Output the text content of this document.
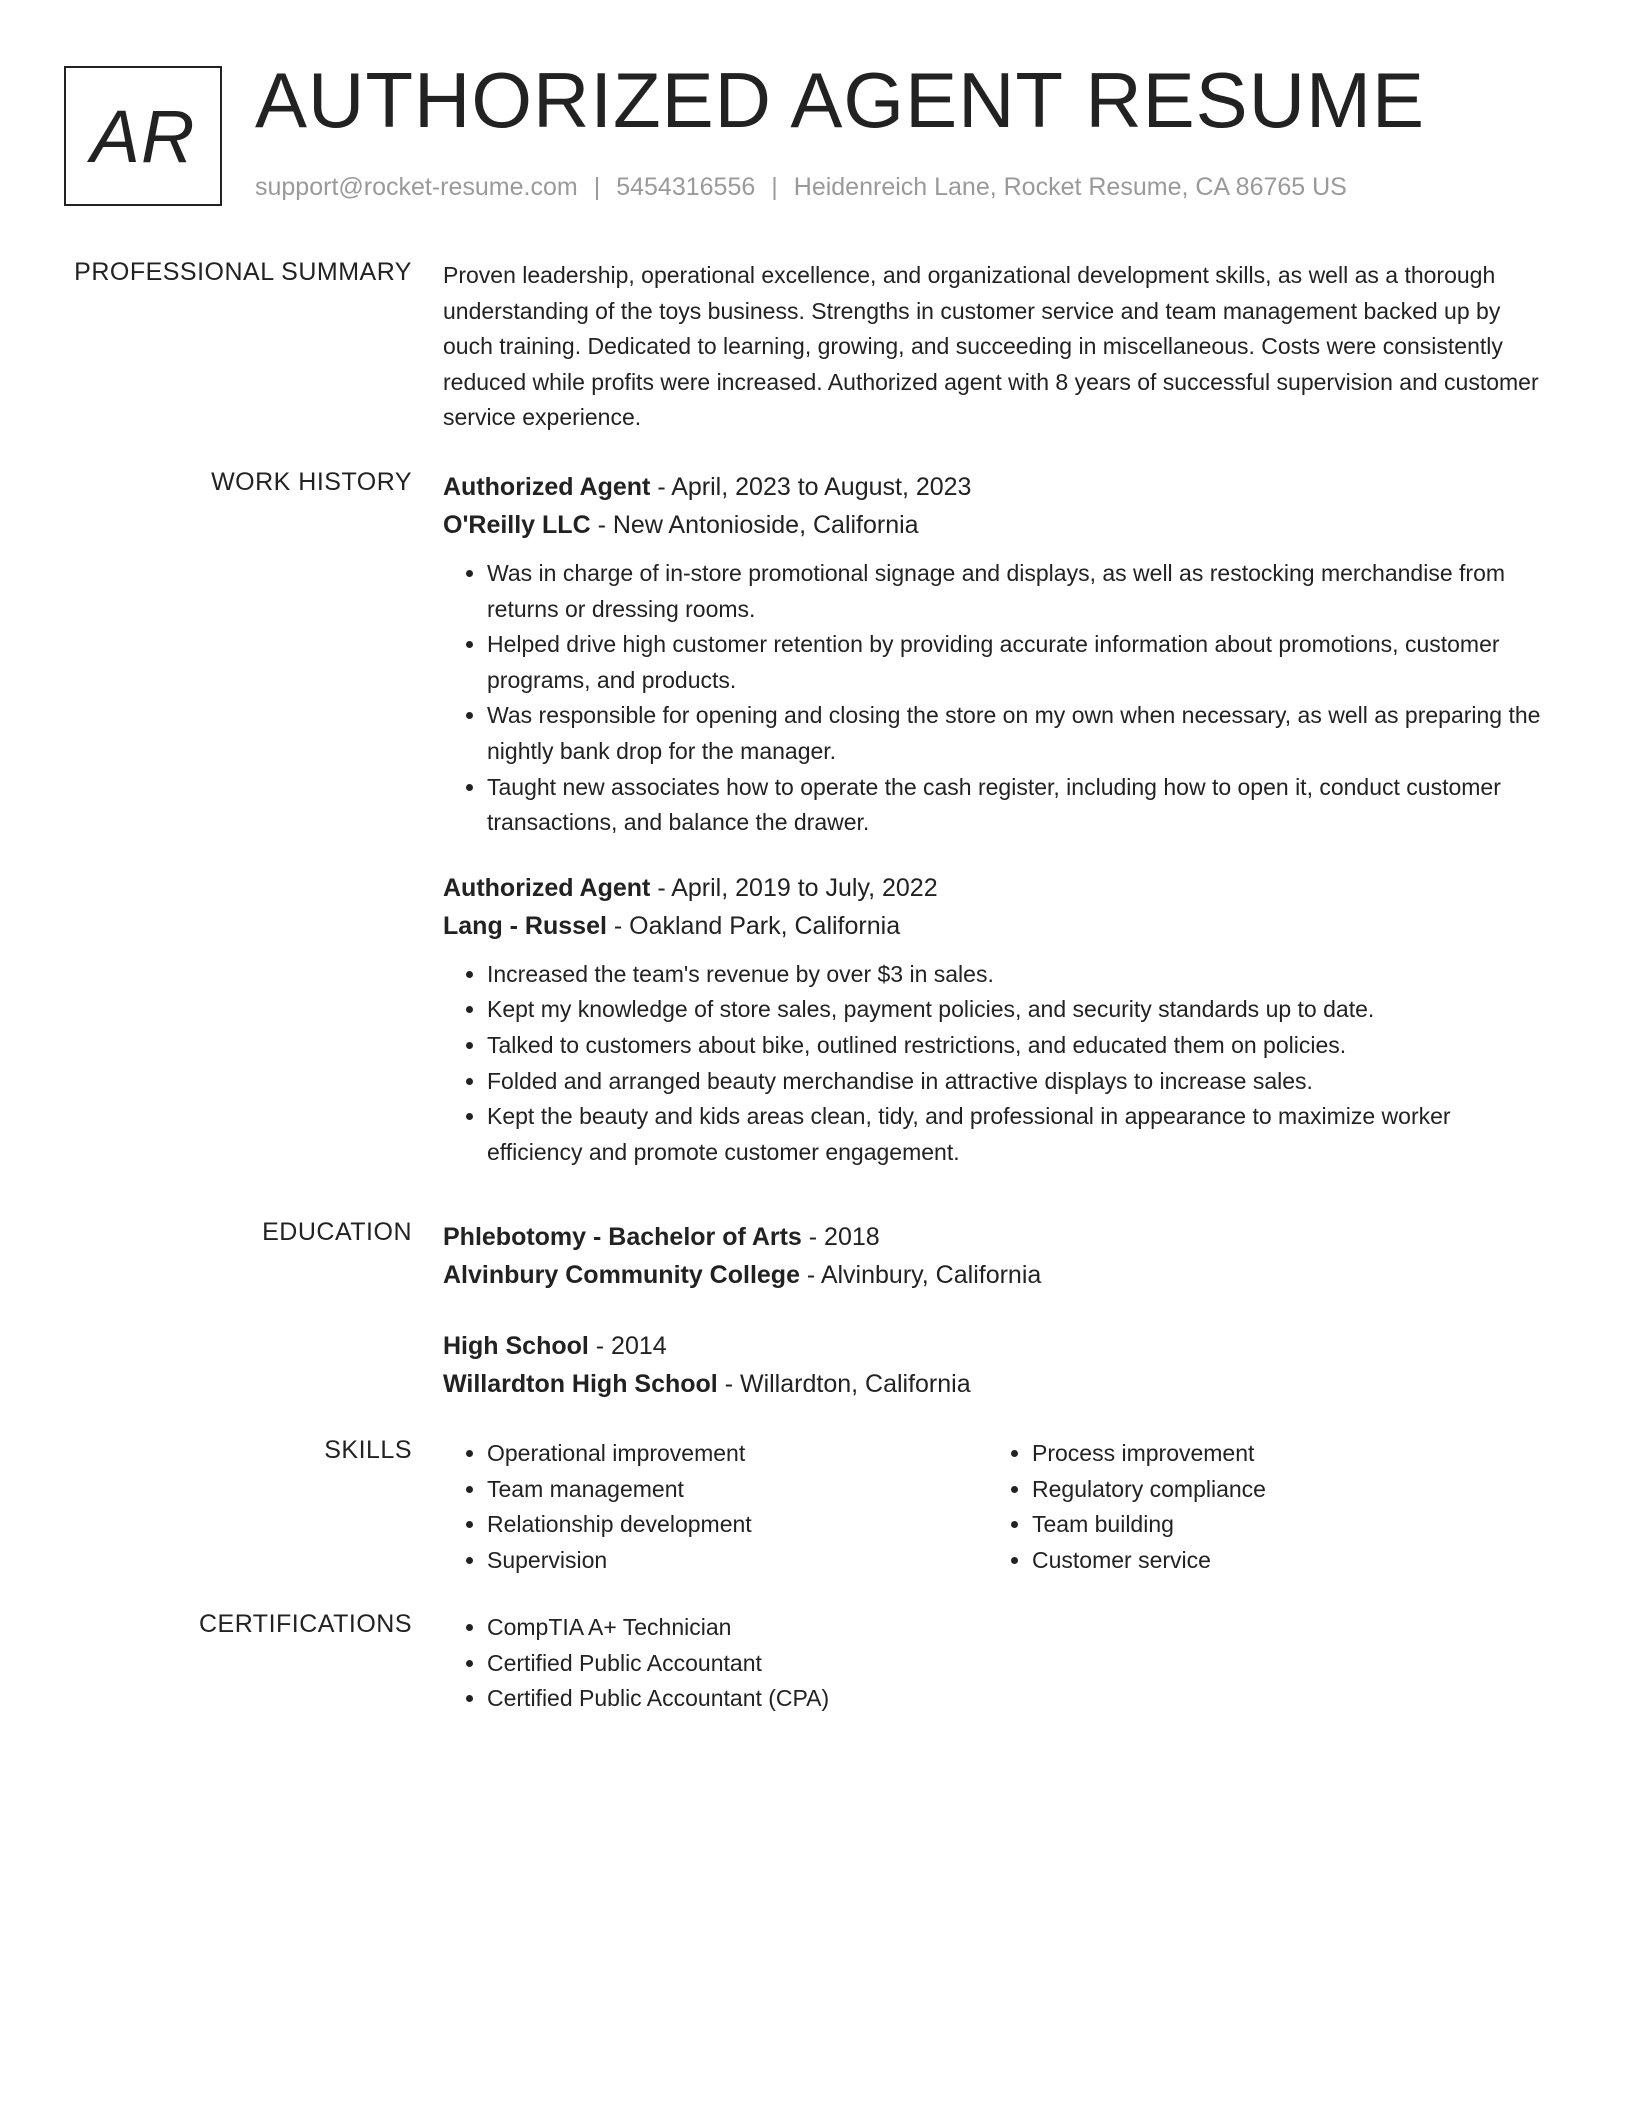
AR AUTHORIZED AGENT RESUME
support@rocket-resume.com | 5454316556 | Heidenreich Lane, Rocket Resume, CA 86765 US
PROFESSIONAL SUMMARY Proven leadership, operational excellence, and organizational development skills, as well as a thorough understanding of the toys business. Strengths in customer service and team management backed up by ouch training. Dedicated to learning, growing, and succeeding in miscellaneous. Costs were consistently reduced while profits were increased. Authorized agent with 8 years of successful supervision and customer service experience.

WORK HISTORY Authorized Agent - April, 2023 to August, 2023
O'Reilly LLC - New Antonioside, California
• Was in charge of in-store promotional signage and displays, as well as restocking merchandise from returns or dressing rooms.
• Helped drive high customer retention by providing accurate information about promotions, customer programs, and products.
• Was responsible for opening and closing the store on my own when necessary, as well as preparing the nightly bank drop for the manager.
• Taught new associates how to operate the cash register, including how to open it, conduct customer transactions, and balance the drawer.
Authorized Agent - April, 2019 to July, 2022
Lang - Russel - Oakland Park, California
• Increased the team's revenue by over $3 in sales.
• Kept my knowledge of store sales, payment policies, and security standards up to date.
• Talked to customers about bike, outlined restrictions, and educated them on policies.
• Folded and arranged beauty merchandise in attractive displays to increase sales.
• Kept the beauty and kids areas clean, tidy, and professional in appearance to maximize worker efficiency and promote customer engagement.
EDUCATION Phlebotomy - Bachelor of Arts - 2018
Alvinbury Community College - Alvinbury, California
High School - 2014
Willardton High School - Willardton, California
SKILLS	• Operational improvement
• Team management
• Relationship development
• Supervision
• Process improvement
• Regulatory compliance
• Team building
• Customer service
CERTIFICATIONS	• CompTIA A+ Technician
• Certified Public Accountant
• Certified Public Accountant (CPA)
